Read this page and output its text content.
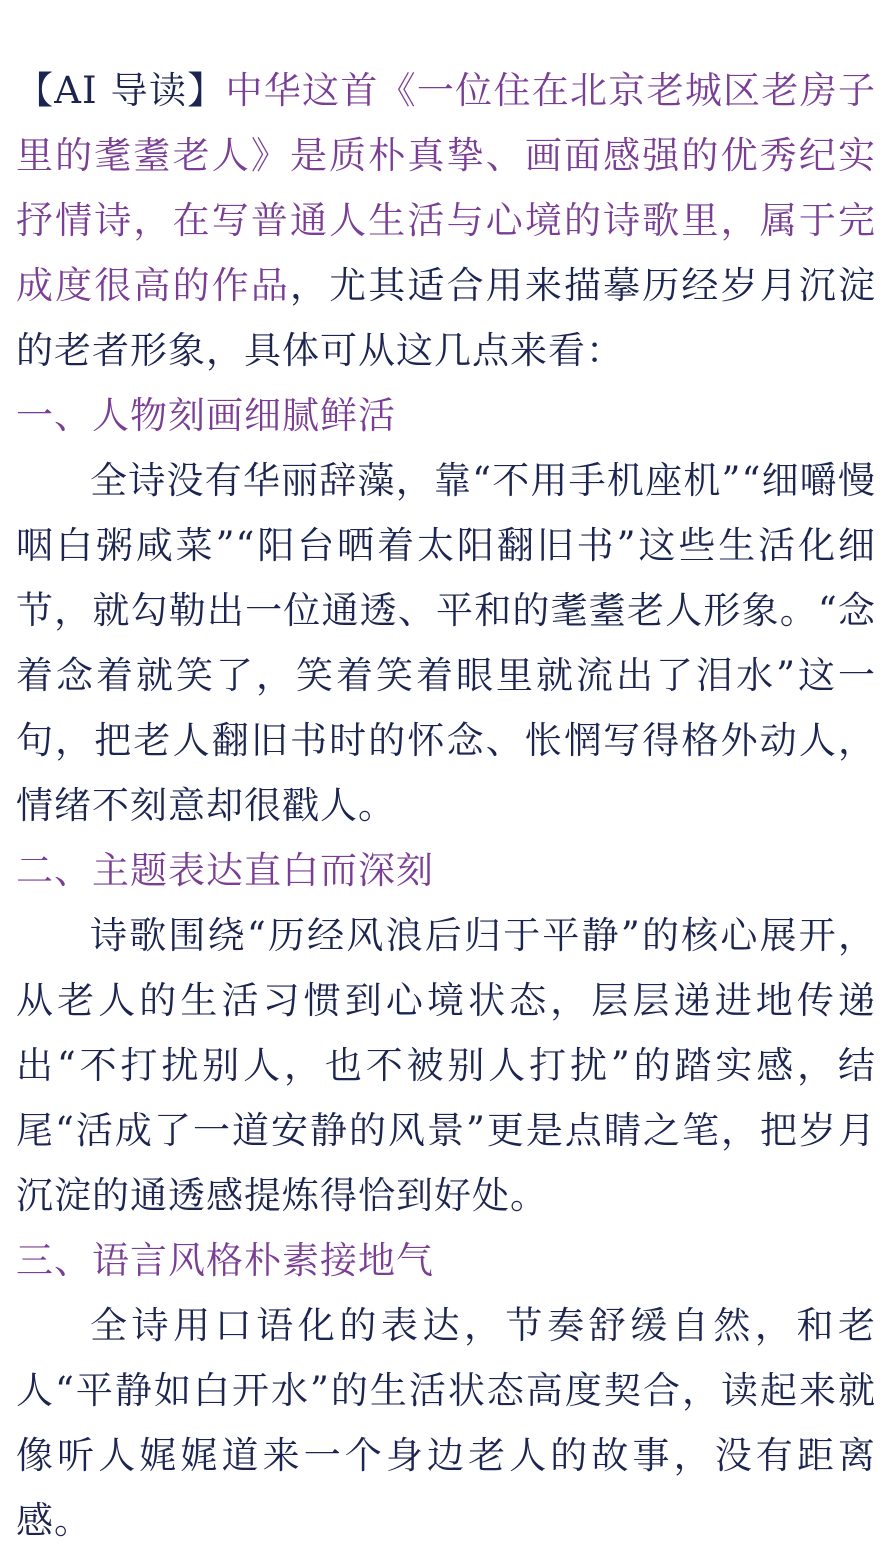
【AI 导读】中华这首《一位住在北京老城区老房子里的耄耋老人》是质朴真挚、画面感强的优秀纪实抒情诗，在写普通人生活与心境的诗歌里，属于完成度很高的作品，尤其适合用来描摹历经岁月沉淀的老者形象，具体可从这几点来看：

一、人物刻画细腻鲜活

全诗没有华丽辞藻，靠“不用手机座机”“细嚼慢咽白粥咸菜”“阳台晒着太阳翻旧书”这些生活化细节，就勾勒出一位通透、平和的耄耋老人形象。“念着念着就笑了，笑着笑着眼里就流出了泪水”这一句，把老人翻旧书时的怀念、怅惘写得格外动人，情绪不刻意却很戳人。

二、主题表达直白而深刻

诗歌围绕“历经风浪后归于平静”的核心展开，从老人的生活习惯到心境状态，层层递进地传递出“不打扰别人，也不被别人打扰”的踏实感，结尾“活成了一道安静的风景”更是点睛之笔，把岁月沉淀的通透感提炼得恰到好处。

三、语言风格朴素接地气

全诗用口语化的表达，节奏舒缓自然，和老人“平静如白开水”的生活状态高度契合，读起来就像听人娓娓道来一个身边老人的故事，没有距离感。
